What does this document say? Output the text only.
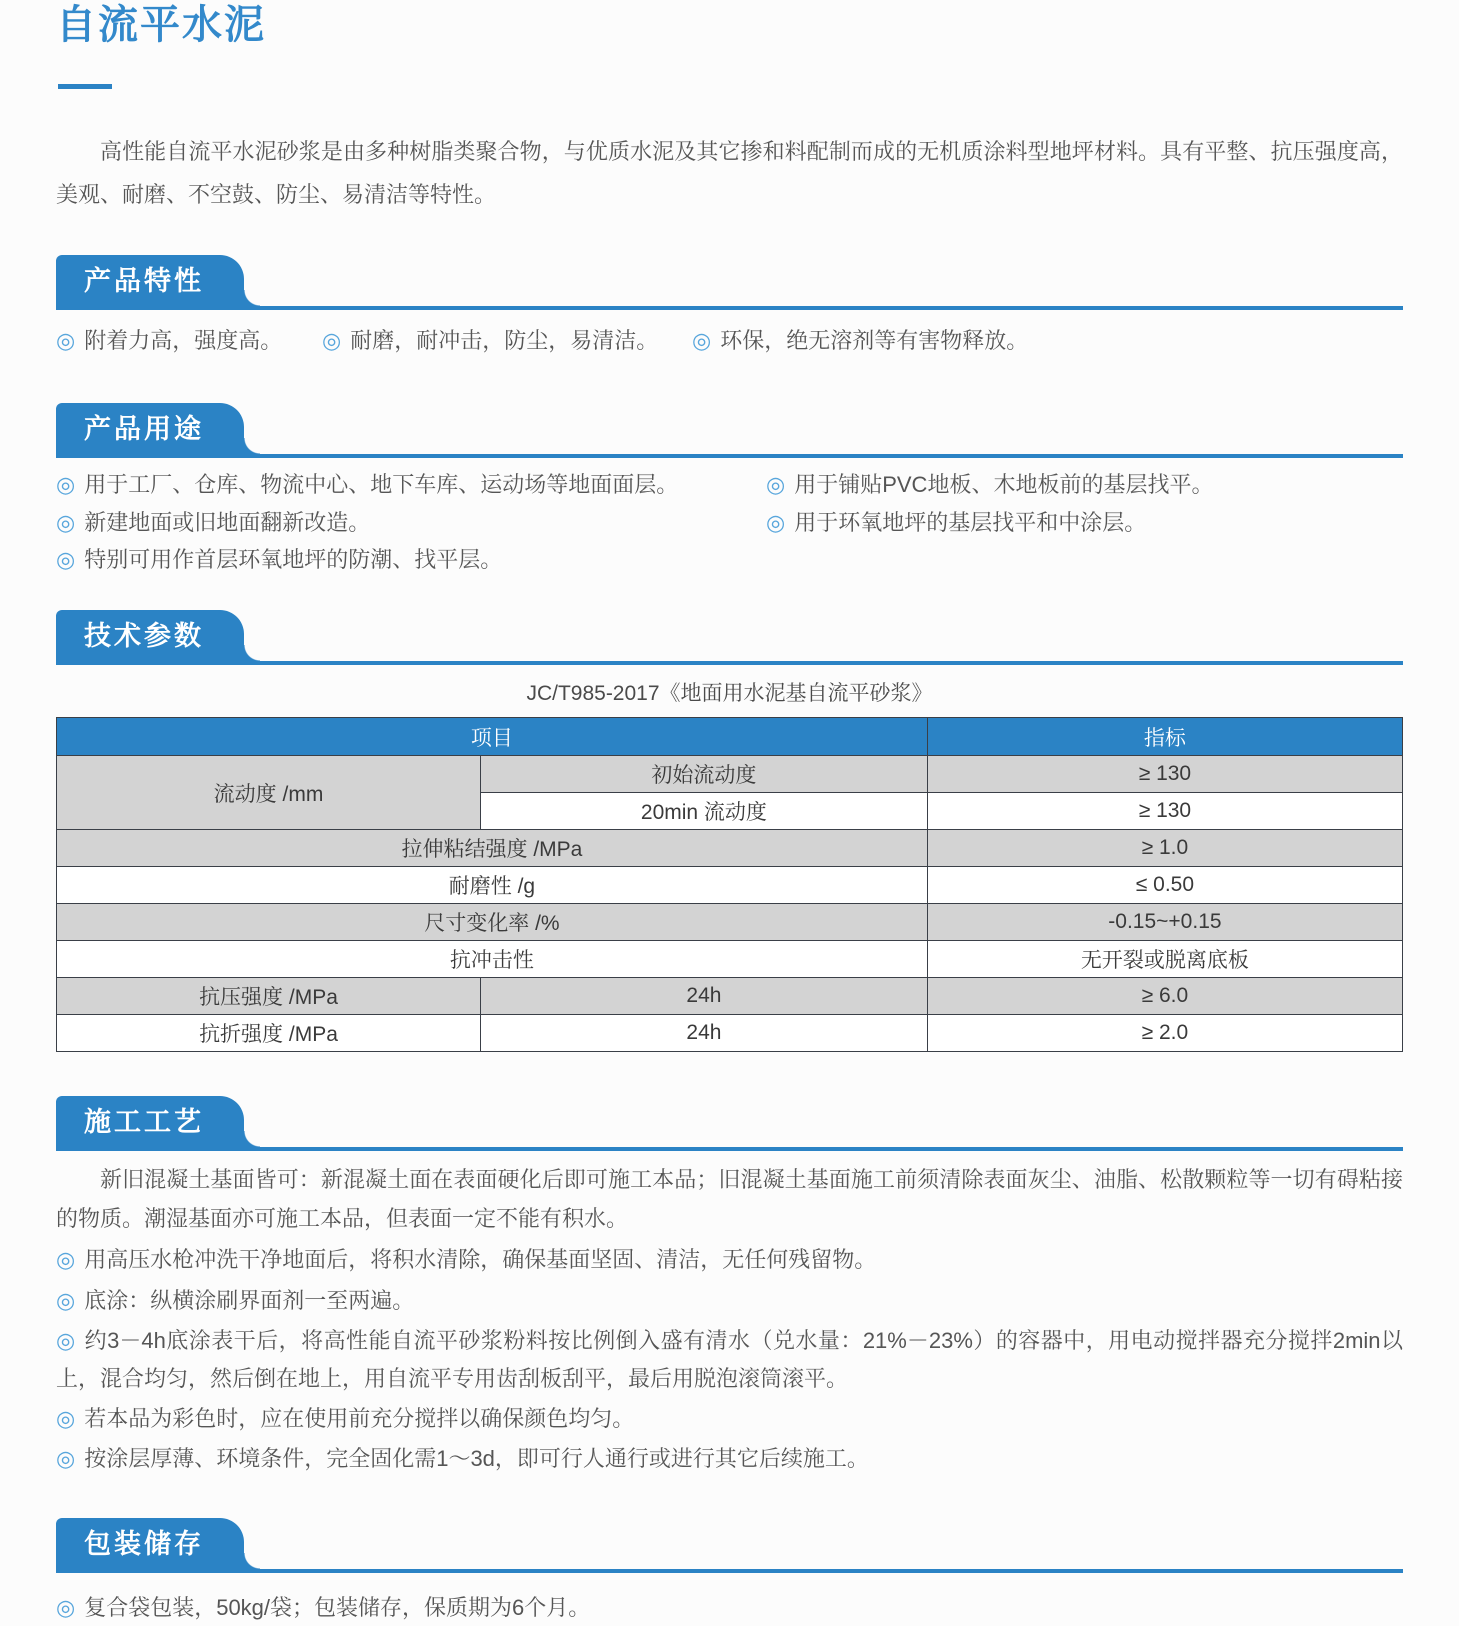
自流平水泥

高性能自流平水泥砂浆是由多种树脂类聚合物，与优质水泥及其它掺和料配制而成的无机质涂料型地坪材料。具有平整、抗压强度高，美观、耐磨、不空鼓、防尘、易清洁等特性。

产品特性
◎ 附着力高，强度高。	◎ 耐磨，耐冲击，防尘，易清洁。	◎ 环保，绝无溶剂等有害物释放。
产品用途
◎ 用于工厂、仓库、物流中心、地下车库、运动场等地面面层。
◎ 新建地面或旧地面翻新改造。
◎ 特别可用作首层环氧地坪的防潮、找平层。
◎ 用于铺贴PVC地板、木地板前的基层找平。
◎ 用于环氧地坪的基层找平和中涂层。
技术参数
JC/T985-2017《地面用水泥基自流平砂浆》
项目		指标
流动度 /mm	初始流动度	≥ 130
	20min 流动度	≥ 130
拉伸粘结强度 /MPa		≥ 1.0
耐磨性 /g		≤ 0.50
尺寸变化率 /%		-0.15~+0.15
抗冲击性		无开裂或脱离底板
抗压强度 /MPa	24h	≥ 6.0
抗折强度 /MPa	24h	≥ 2.0
施工工艺

新旧混凝土基面皆可：新混凝土面在表面硬化后即可施工本品；旧混凝土基面施工前须清除表面灰尘、油脂、松散颗粒等一切有碍粘接的物质。潮湿基面亦可施工本品，但表面一定不能有积水。

◎ 用高压水枪冲洗干净地面后，将积水清除，确保基面坚固、清洁，无任何残留物。
◎ 底涂：纵横涂刷界面剂一至两遍。
◎ 约3－4h底涂表干后，将高性能自流平砂浆粉料按比例倒入盛有清水（兑水量：21%－23%）的容器中，用电动搅拌器充分搅拌2min以上，混合均匀，然后倒在地上，用自流平专用齿刮板刮平，最后用脱泡滚筒滚平。
◎ 若本品为彩色时，应在使用前充分搅拌以确保颜色均匀。
◎ 按涂层厚薄、环境条件，完全固化需1～3d，即可行人通行或进行其它后续施工。
包装储存
◎ 复合袋包装，50kg/袋；包装储存，保质期为6个月。
